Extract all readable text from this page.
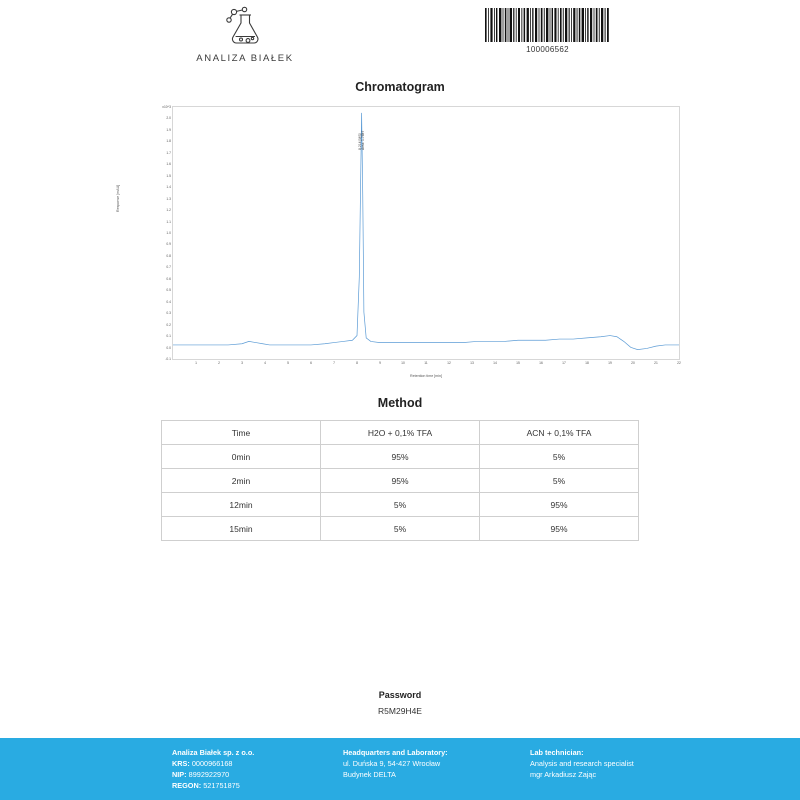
ANALIZA BIAŁEK
100006562
Chromatogram
Response [mAU]
x10^3
2.0
1.9
1.8
1.7
1.6
1.5
1.4
1.3
1.2
1.1
1.0
0.9
0.8
0.7
0.6
0.5
0.4
0.3
0.2
0.1
0.0
-0.1
1	2	3	4	5	6	7	8	9	10	11	12	13	14	15	16	17	18	19	20	21	22
8.214 [MS] Area: 1.78e7
Retention time [min]
Method
Time	H2O + 0,1% TFA	ACN + 0,1% TFA
0min	95%	5%
2min	95%	5%
12min	5%	95%
15min	5%	95%
Password
R5M29H4E
Analiza Białek sp. z o.o.
KRS: 0000966168
NIP: 8992922970
REGON: 521751875
Headquarters and Laboratory:
ul. Duńska 9, 54-427 Wrocław
Budynek DELTA
Lab technician:
Analysis and research specialist
mgr Arkadiusz Zając
